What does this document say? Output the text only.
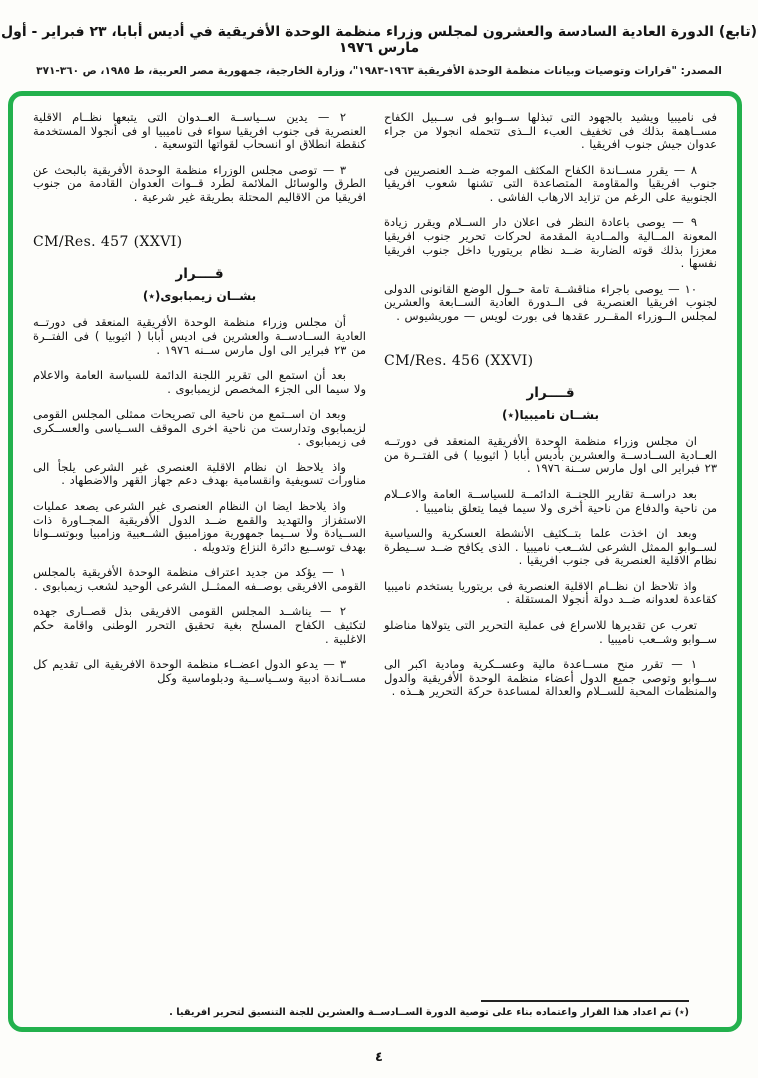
(تابع) الدورة العادية السادسة والعشرون لمجلس وزراء منظمة الوحدة الأفريقية في أديس أبابا، ٢٣ فبراير - أول مارس ١٩٧٦
المصدر: "قرارات وتوصيات وبيانات منظمة الوحدة الأفريقية ١٩٦٣-١٩٨٣"، وزارة الخارجية، جمهورية مصر العربية، ط ١٩٨٥، ص ٣٦٠-٣٧١

فى ناميبيا ويشيد بالجهود التى تبذلها ســوابو فى ســبيل الكفاح مســاهمة بذلك فى تخفيف العبء الــذى تتحمله انجولا من جراء عدوان جيش جنوب افريقيا .

٨ — يقرر مســاندة الكفاح المكثف الموجه ضــد العنصريين فى جنوب افريقيا والمقاومة المتصاعدة التى تشنها شعوب افريقيا الجنوبية على الرغم من تزايد الارهاب الفاشى .

٩ — يوصى باعادة النظر فى اعلان دار الســلام ويقرر زيادة المعونة المــالية والمــادية المقدمة لحركات تحرير جنوب افريقيا معززا بذلك قوته الضاربة ضــد نظام بريتوريا داخل جنوب افريقيا نفسها .

١٠ — يوصى باجراء مناقشــة تامة حــول الوضع القانونى الدولى لجنوب افريقيا العنصرية فى الــدورة العادية الســابعة والعشرين لمجلس الــوزراء المقــرر عقدها فى بورت لويس — موريشيوس .

CM/Res. 456 (XXVI)

قــــرار

بشــان ناميبيا(٭)

ان مجلس وزراء منظمة الوحدة الأفريقية المنعقد فى دورتــه العــادية الســادســة والعشرين بأديس أبابا ( اثيوبيا ) فى الفتــرة من ٢٣ فبراير الى اول مارس ســنة ١٩٧٦ .

بعد دراســة تقارير اللجنــة الدائمــة للسياســة العامة والاعــلام من ناحية والدفاع من ناحية أخرى ولا سيما فيما يتعلق بناميبيا .

وبعد ان اخذت علما بتــكثيف الأنشطة العسكرية والسياسية لســوابو الممثل الشرعى لشــعب ناميبيا . الذى يكافح ضــد ســيطرة نظام الاقلية العنصرية فى جنوب افريقيا .

واذ تلاحظ ان نظــام الاقلية العنصرية فى بريتوريا يستخدم ناميبيا كقاعدة لعدوانه ضــد دولة أنجولا المستقلة .

تعرب عن تقديرها للاسراع فى عملية التحرير التى يتولاها مناضلو ســوابو وشــعب ناميبيا .

١ — تقرر منح مســاعدة مالية وعســكرية ومادية اكبر الى ســوابو وتوصى جميع الدول أعضاء منظمة الوحدة الأفريقية والدول والمنظمات المحبة للســلام والعدالة لمساعدة حركة التحرير هــذه .

٢ — يدين ســياســة العــدوان التى يتبعها نظــام الاقلية العنصرية فى جنوب افريقيا سواء فى ناميبيا او فى أنجولا المستخدمة كنقطة انطلاق او انسحاب لقواتها التوسعية .

٣ — توصى مجلس الوزراء منظمة الوحدة الأفريقية بالبحث عن الطرق والوسائل الملائمة لطرد قــوات العدوان القادمة من جنوب افريقيا من الاقاليم المحتلة بطريقة غير شرعية .

CM/Res. 457 (XXVI)

قــــرار

بشــان زيمبابوى(٭)

أن مجلس وزراء منظمة الوحدة الأفريقية المنعقد فى دورتــه العادية الســادســة والعشرين فى اديس أبابا ( اثيوبيا ) فى الفتــرة من ٢٣ فبراير الى اول مارس ســنه ١٩٧٦ .

بعد أن استمع الى تقرير اللجنة الدائمة للسياسة العامة والاعلام ولا سيما الى الجزء المخصص لزيمبابوى .

وبعد ان اســتمع من ناحية الى تصريحات ممثلى المجلس القومى لزيمبابوى وتدارست من ناحية اخرى الموقف الســياسى والعســكرى فى زيمبابوى .

واذ يلاحظ ان نظام الاقلية العنصرى غير الشرعى يلجأ الى مناورات تسويفية وانقسامية بهدف دعم جهاز القهر والاضطهاد .

واذ يلاحظ ايضا ان النظام العنصرى غير الشرعى يصعد عمليات الاستفزاز والتهديد والقمع ضــد الدول الأفريقية المجــاورة ذات الســيادة ولا ســيما جمهورية موزامبيق الشــعبية وزامبيا وبوتســوانا بهدف توســيع دائرة النزاع وتدويله .

١ — يؤكد من جديد اعتراف منظمة الوحدة الأفريقية بالمجلس القومى الافريقى بوصــفه الممثــل الشرعى الوحيد لشعب زيمبابوى .

٢ — يناشــد المجلس القومى الافريقى بذل قصــارى جهده لتكثيف الكفاح المسلح بغية تحقيق التحرر الوطنى واقامة حكم الاغلبية .

٣ — يدعو الدول اعضــاء منظمة الوحدة الافريقية الى تقديم كل مســاندة ادبية وســياســية ودبلوماسية وكل

(٭) تم اعداد هذا القرار واعتماده بناء على توصية الدورة الســادســة والعشرين للجنة التنسيق لتحرير افريقيا .
٤
